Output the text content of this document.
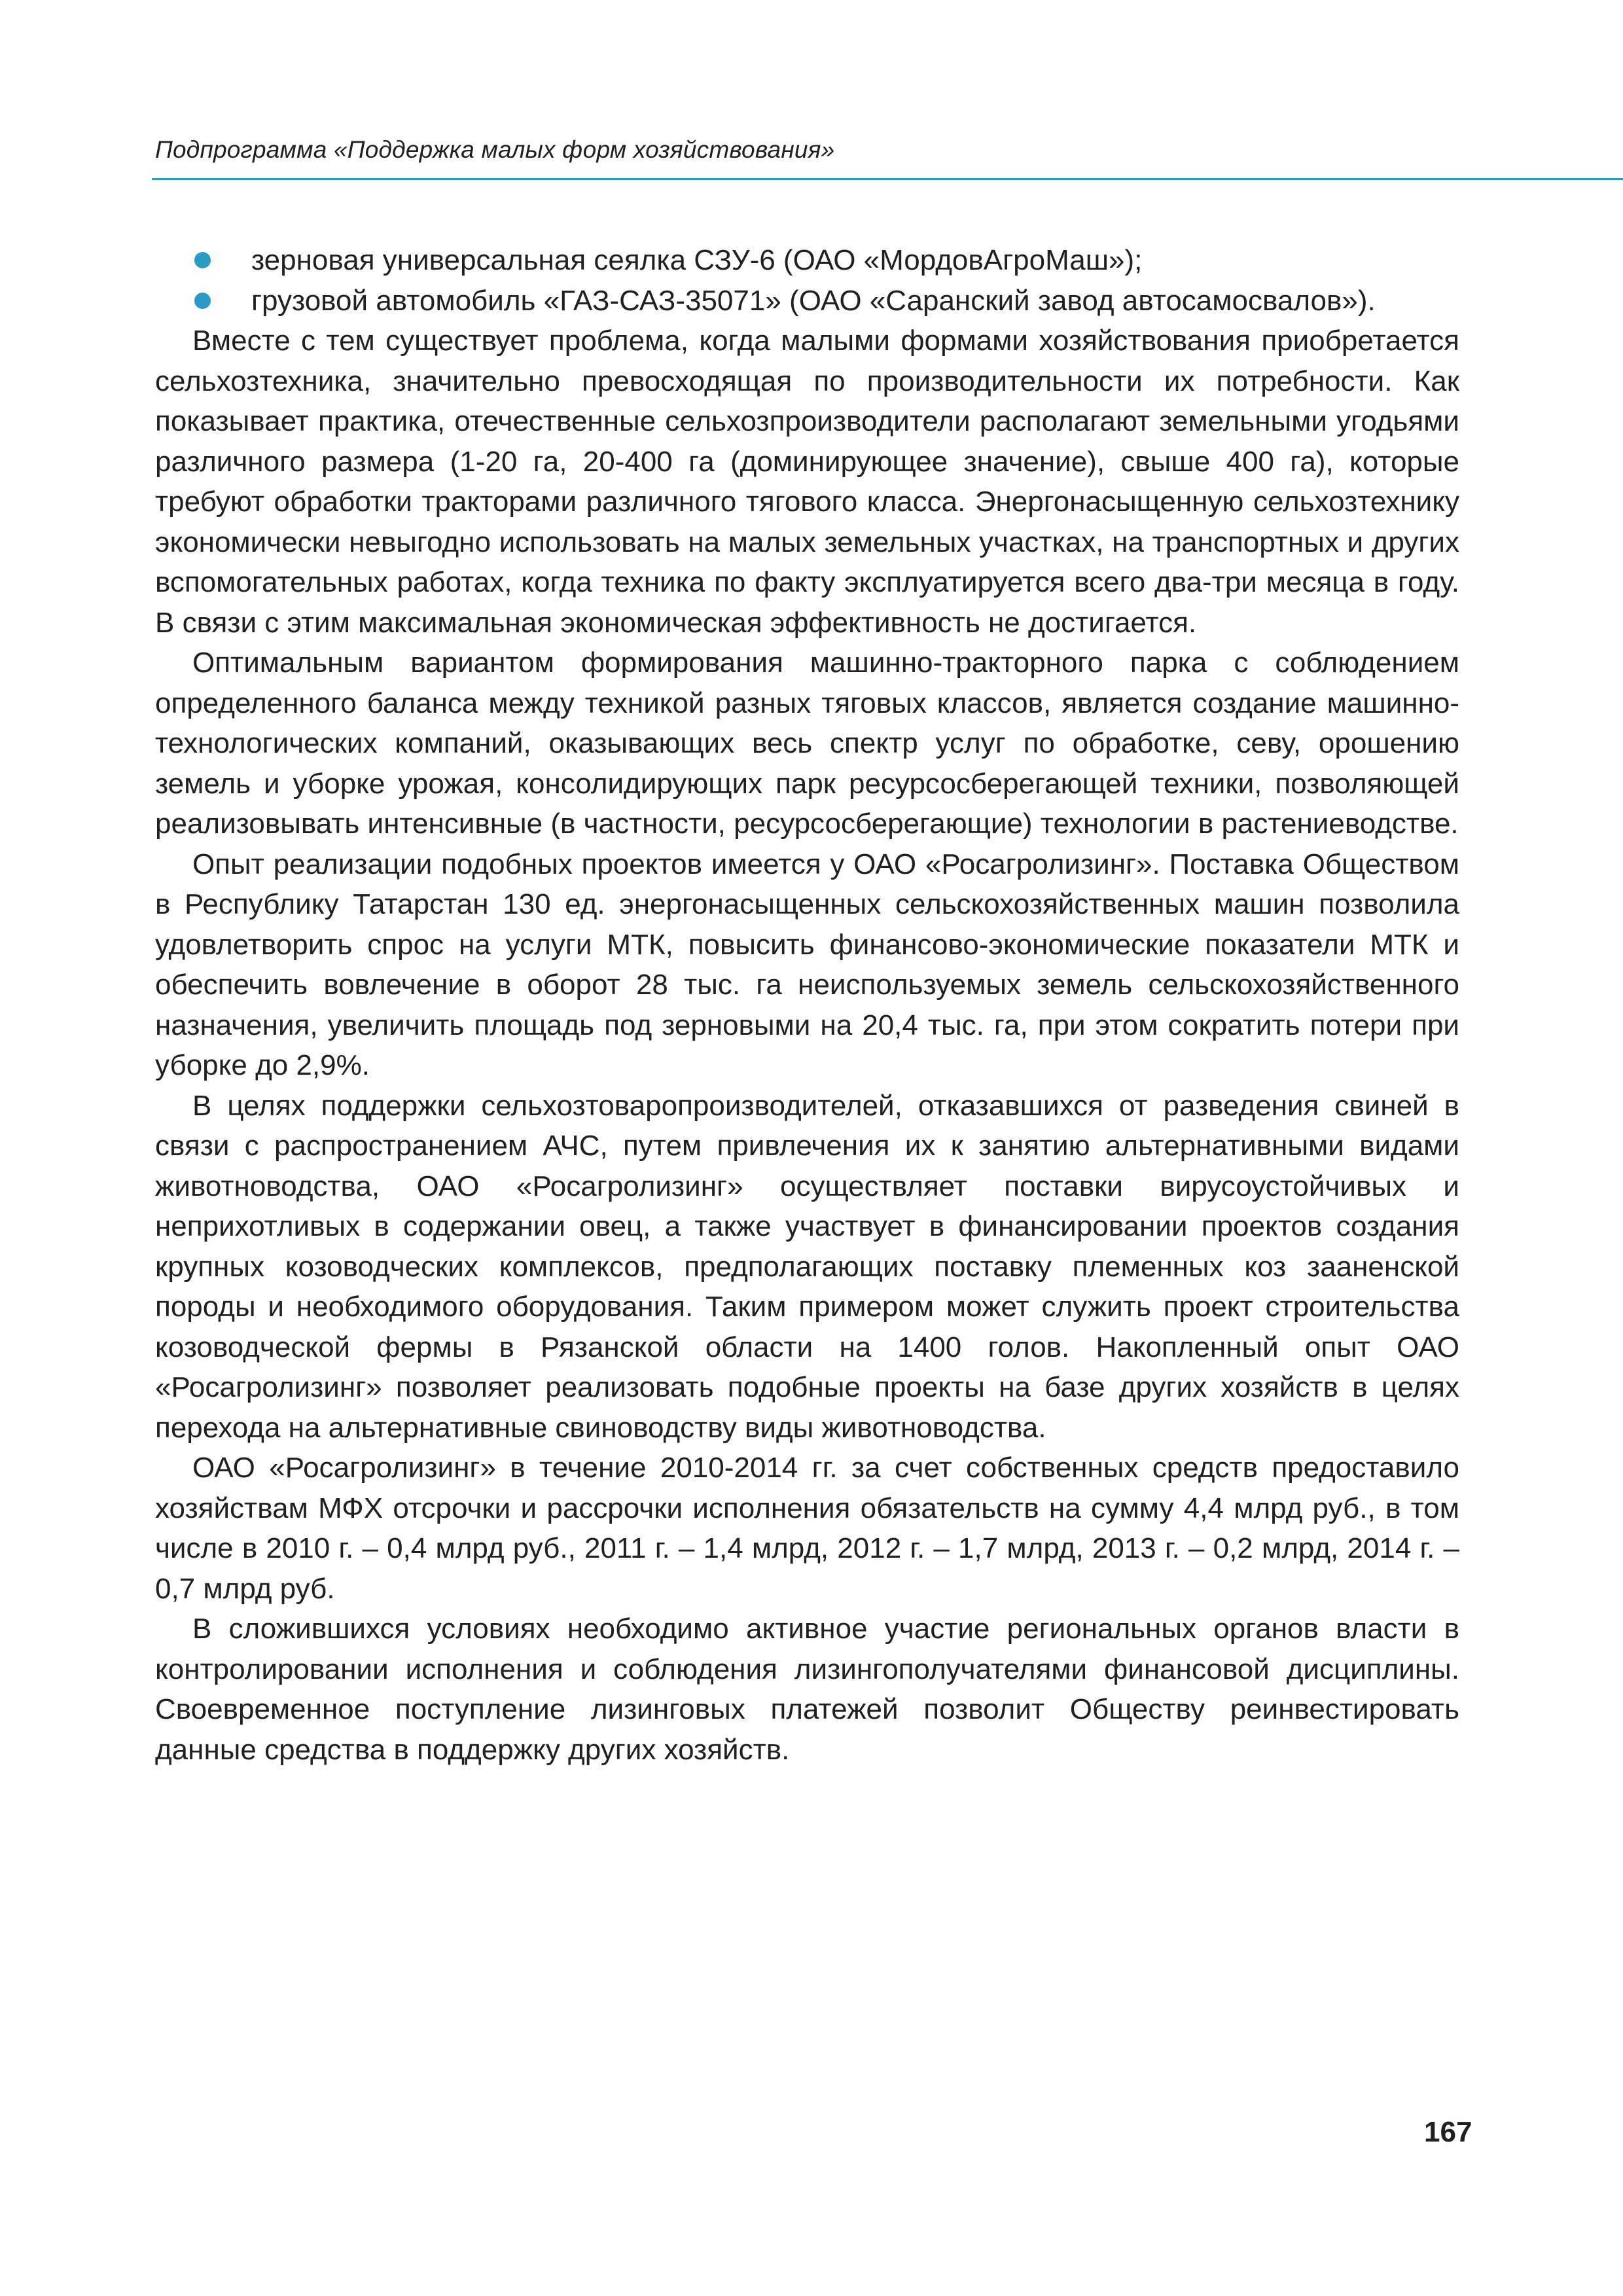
Подпрограмма «Поддержка малых форм хозяйствования»

зерновая универсальная сеялка СЗУ-6 (ОАО «МордовАгроМаш»);

грузовой автомобиль «ГАЗ-САЗ-35071» (ОАО «Саранский завод автосамосвалов»).

Вместе с тем существует проблема, когда малыми формами хозяйствования приобретается сельхозтехника, значительно превосходящая по производительности их потребности. Как показывает практика, отечественные сельхозпроизводители располагают земельными угодьями различного размера (1-20 га, 20-400 га (доминирующее значение), свыше 400 га), которые требуют обработки тракторами различного тягового класса. Энергонасыщенную сельхозтехнику экономически невыгодно использовать на малых земельных участках, на транспортных и других вспомогательных работах, когда техника по факту эксплуатируется всего два-три месяца в году. В связи с этим максимальная экономическая эффективность не достигается.

Оптимальным вариантом формирования машинно-тракторного парка с соблюдением определенного баланса между техникой разных тяговых классов, является создание машинно-технологических компаний, оказывающих весь спектр услуг по обработке, севу, орошению земель и уборке урожая, консолидирующих парк ресурсосберегающей техники, позволяющей реализовывать интенсивные (в частности, ресурсосберегающие) технологии в растениеводстве.

Опыт реализации подобных проектов имеется у ОАО «Росагролизинг». Поставка Обществом в Республику Татарстан 130 ед. энергонасыщенных сельскохозяйственных машин позволила удовлетворить спрос на услуги МТК, повысить финансово-экономические показатели МТК и обеспечить вовлечение в оборот 28 тыс. га неиспользуемых земель сельскохозяйственного назначения, увеличить площадь под зерновыми на 20,4 тыс. га, при этом сократить потери при уборке до 2,9%.

В целях поддержки сельхозтоваропроизводителей, отказавшихся от разведения свиней в связи с распространением АЧС, путем привлечения их к занятию альтернативными видами животноводства, ОАО «Росагролизинг» осуществляет поставки вирусоустойчивых и неприхотливых в содержании овец, а также участвует в финансировании проектов создания крупных козоводческих комплексов, предполагающих поставку племенных коз зааненской породы и необходимого оборудования. Таким примером может служить проект строительства козоводческой фермы в Рязанской области на 1400 голов. Накопленный опыт ОАО «Росагролизинг» позволяет реализовать подобные проекты на базе других хозяйств в целях перехода на альтернативные свиноводству виды животноводства.

ОАО «Росагролизинг» в течение 2010-2014 гг. за счет собственных средств предоставило хозяйствам МФХ отсрочки и рассрочки исполнения обязательств на сумму 4,4 млрд руб., в том числе в 2010 г. – 0,4 млрд руб., 2011 г. – 1,4 млрд, 2012 г. – 1,7 млрд, 2013 г. – 0,2 млрд, 2014 г. – 0,7 млрд руб.

В сложившихся условиях необходимо активное участие региональных органов власти в контролировании исполнения и соблюдения лизингополучателями финансовой дисциплины. Своевременное поступление лизинговых платежей позволит Обществу реинвестировать данные средства в поддержку других хозяйств.

167
